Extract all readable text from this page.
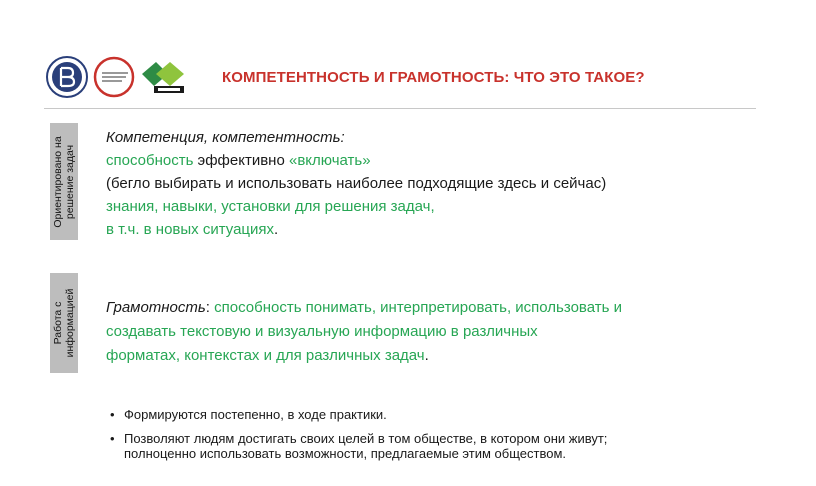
КОМПЕТЕНТНОСТЬ И ГРАМОТНОСТЬ: ЧТО ЭТО ТАКОЕ?
Ориентировано на решение задач
Работа с информацией
Компетенция, компетентность:
способность эффективно «включать»
(бегло выбирать и использовать наиболее подходящие здесь и сейчас)
знания, навыки, установки для решения задач,
в т.ч. в новых ситуациях.
Грамотность: способность понимать, интерпретировать, использовать и
создавать текстовую и визуальную информацию в различных
форматах, контекстах и для различных задач.
• Формируются постепенно, в ходе практики.
• Позволяют людям достигать своих целей в том обществе, в котором они живут;
полноценно использовать возможности, предлагаемые этим обществом.
